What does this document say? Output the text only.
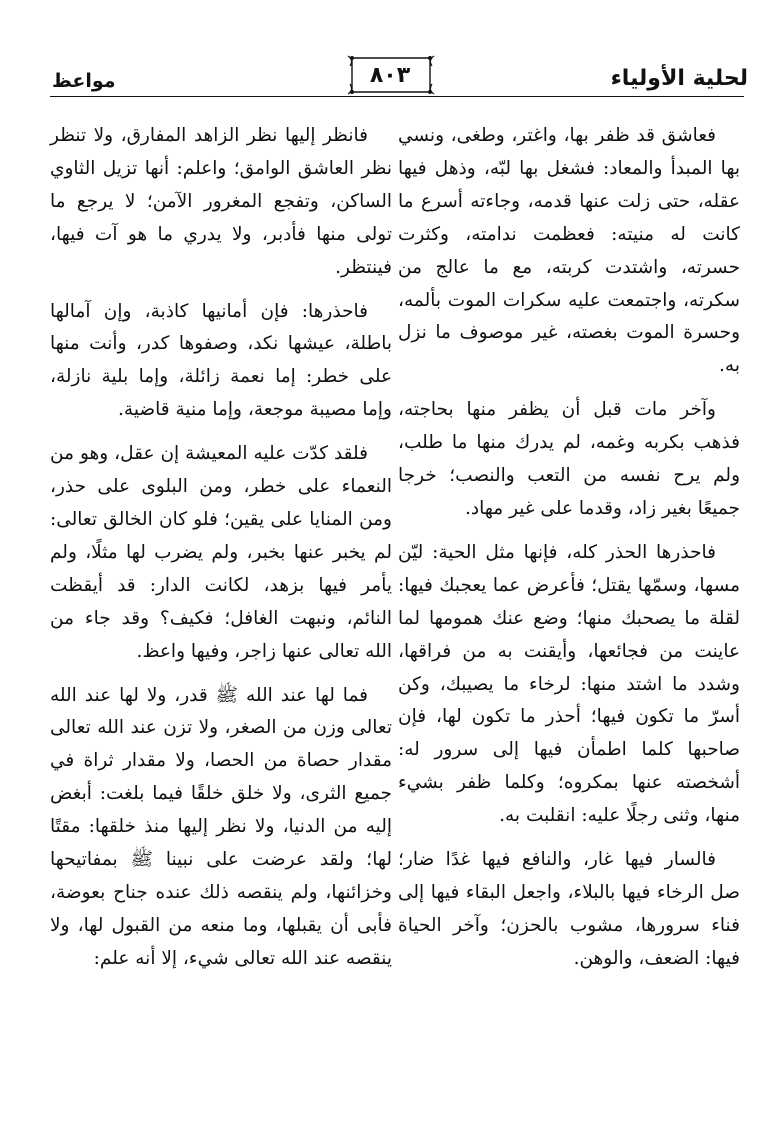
لحلية الأولياء
٨٠٣
مواعظ

فعاشق قد ظفر بها، واغتر، وطغى، ونسي بها المبدأ والمعاد: فشغل بها لبّه، وذهل فيها عقله، حتى زلت عنها قدمه، وجاءته أسرع ما كانت له منيته: فعظمت ندامته، وكثرت حسرته، واشتدت كربته، مع ما عالج من سكرته، واجتمعت عليه سكرات الموت بألمه، وحسرة الموت بغصته، غير موصوف ما نزل به.

وآخر مات قبل أن يظفر منها بحاجته، فذهب بكربه وغمه، لم يدرك منها ما طلب، ولم يرح نفسه من التعب والنصب؛ خرجا جميعًا بغير زاد، وقدما على غير مهاد.

فاحذرها الحذر كله، فإنها مثل الحية: ليّن مسها، وسمّها يقتل؛ فأعرض عما يعجبك فيها: لقلة ما يصحبك منها؛ وضع عنك همومها لما عاينت من فجائعها، وأيقنت به من فراقها، وشدد ما اشتد منها: لرخاء ما يصيبك، وكن أسرّ ما تكون فيها؛ أحذر ما تكون لها، فإن صاحبها كلما اطمأن فيها إلى سرور له: أشخصته عنها بمكروه؛ وكلما ظفر بشيء منها، وثنى رجلًا عليه: انقلبت به.

فالسار فيها غار، والنافع فيها غدًا ضار؛ صل الرخاء فيها بالبلاء، واجعل البقاء فيها إلى فناء سرورها، مشوب بالحزن؛ وآخر الحياة فيها: الضعف، والوهن.

فانظر إليها نظر الزاهد المفارق، ولا تنظر نظر العاشق الوامق؛ واعلم: أنها تزيل الثاوي الساكن، وتفجع المغرور الآمن؛ لا يرجع ما تولى منها فأدبر، ولا يدري ما هو آت فيها، فينتظر.

فاحذرها: فإن أمانيها كاذبة، وإن آمالها باطلة، عيشها نكد، وصفوها كدر، وأنت منها على خطر: إما نعمة زائلة، وإما بلية نازلة، وإما مصيبة موجعة، وإما منية قاضية.

فلقد كدّت عليه المعيشة إن عقل، وهو من النعماء على خطر، ومن البلوى على حذر، ومن المنايا على يقين؛ فلو كان الخالق تعالى: لم يخبر عنها بخبر، ولم يضرب لها مثلًا، ولم يأمر فيها بزهد، لكانت الدار: قد أيقظت النائم، ونبهت الغافل؛ فكيف؟ وقد جاء من الله تعالى عنها زاجر، وفيها واعظ.

فما لها عند الله ﷺ قدر، ولا لها عند الله تعالى وزن من الصغر، ولا تزن عند الله تعالى مقدار حصاة من الحصا، ولا مقدار ثراة في جميع الثرى، ولا خلق خلقًا فيما بلغت: أبغض إليه من الدنيا، ولا نظر إليها منذ خلقها: مقتًا لها؛ ولقد عرضت على نبينا ﷺ بمفاتيحها وخزائنها، ولم ينقصه ذلك عنده جناح بعوضة، فأبى أن يقبلها، وما منعه من القبول لها، ولا ينقصه عند الله تعالى شيء، إلا أنه علم:
